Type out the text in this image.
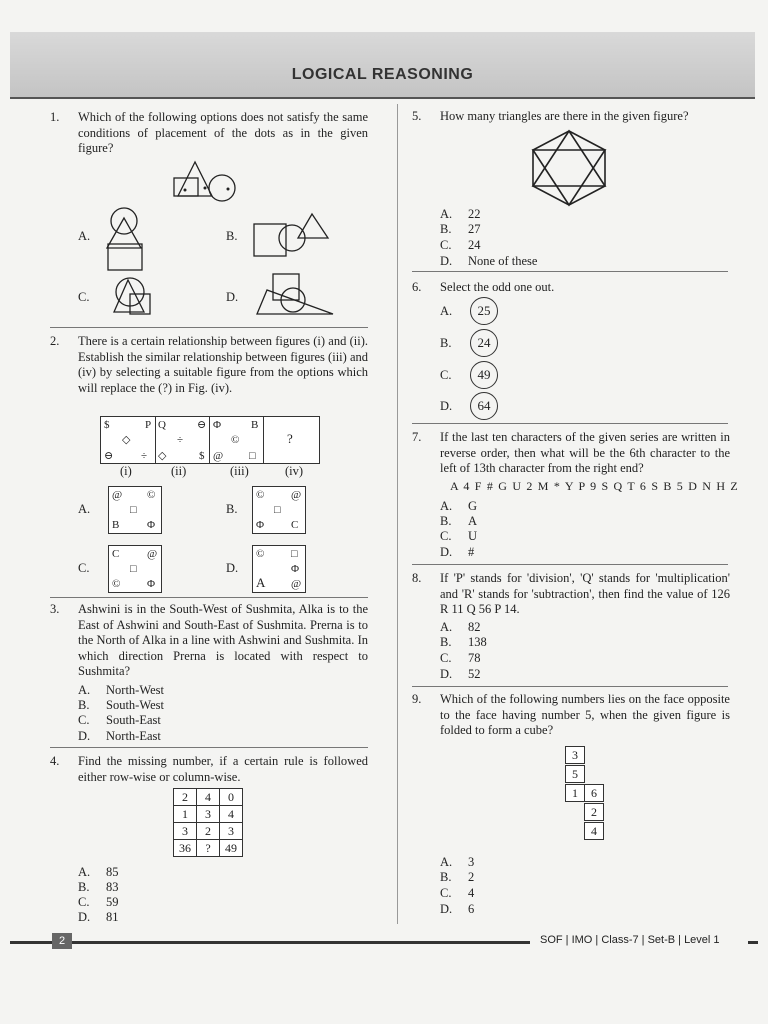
LOGICAL REASONING
1. Which of the following options does not satisfy the same conditions of placement of the dots as in the given figure?
A.	B.
C.	D.
2. There is a certain relationship between figures (i) and (ii). Establish the similar relationship between figures (iii) and (iv) by selecting a suitable figure from the options which will replace the (?) in Fig. (iv).
$	P
◇
⊖	÷
Q	⊖
÷
◇	$
Φ	B
©
@ □
?
(i)	(ii)	(iii)	(iv)
A.
@ ©
□
B	Φ
B.
© @
□
Φ C
C.
C	@
□
© Φ
D.
© □
Φ
A @
3. Ashwini is in the South-West of Sushmita, Alka is to the East of Ashwini and South-East of Sushmita. Prerna is to the North of Alka in a line with Ashwini and Sushmita. In which direction Prerna is located with respect to Sushmita?
A. North-West
B. South-West
C. South-East
D. North-East
4. Find the missing number, if a certain rule is followed either row-wise or column-wise.
2	4	0
1	3	4
3	2	3
36	?	49
A. 85
B. 83
C. 59
D. 81
5. How many triangles are there in the given figure?
A. 22
B. 27
C. 24
D. None of these
6. Select the odd one out.
A.	25
B.	24
C.	49
D.	64
7. If the last ten characters of the given series are written in reverse order, then what will be the 6th character to the left of 13th character from the right end?
A 4 F # G U 2 M * Y P 9 S Q T 6 S B 5 D N H Z
A. G
B. A
C. U
D. #
8. If 'P' stands for 'division', 'Q' stands for 'multiplication' and 'R' stands for 'subtraction', then find the value of 126 R 11 Q 56 P 14.
A. 82
B. 138
C. 78
D. 52
9. Which of the following numbers lies on the face opposite to the face having number 5, when the given figure is folded to form a cube?
3
5
1	6
2
4
A. 3
B. 2
C. 4
D. 6
2	SOF | IMO | Class-7 | Set-B | Level 1
